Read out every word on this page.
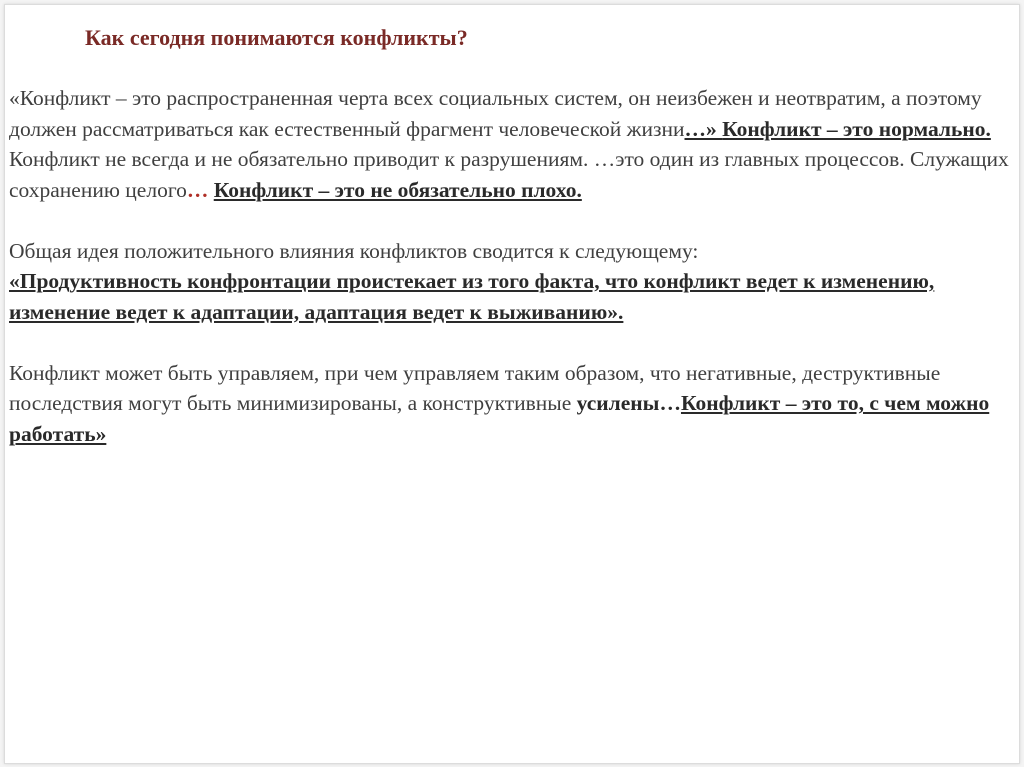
Как сегодня понимаются конфликты?

«Конфликт – это распространенная черта всех социальных систем, он неизбежен и неотвратим, а поэтому должен рассматриваться как естественный фрагмент человеческой жизни…» Конфликт – это нормально.

Конфликт не всегда и не обязательно приводит к разрушениям. …это один из главных процессов. Служащих сохранению целого… Конфликт – это не обязательно плохо.

Общая идея положительного влияния конфликтов сводится к следующему:

«Продуктивность конфронтации проистекает из того факта, что конфликт ведет к изменению, изменение ведет к адаптации, адаптация ведет к выживанию».

Конфликт может быть управляем, при чем управляем таким образом, что негативные, деструктивные последствия могут быть минимизированы, а конструктивные усилены…Конфликт – это то, с чем можно работать»
